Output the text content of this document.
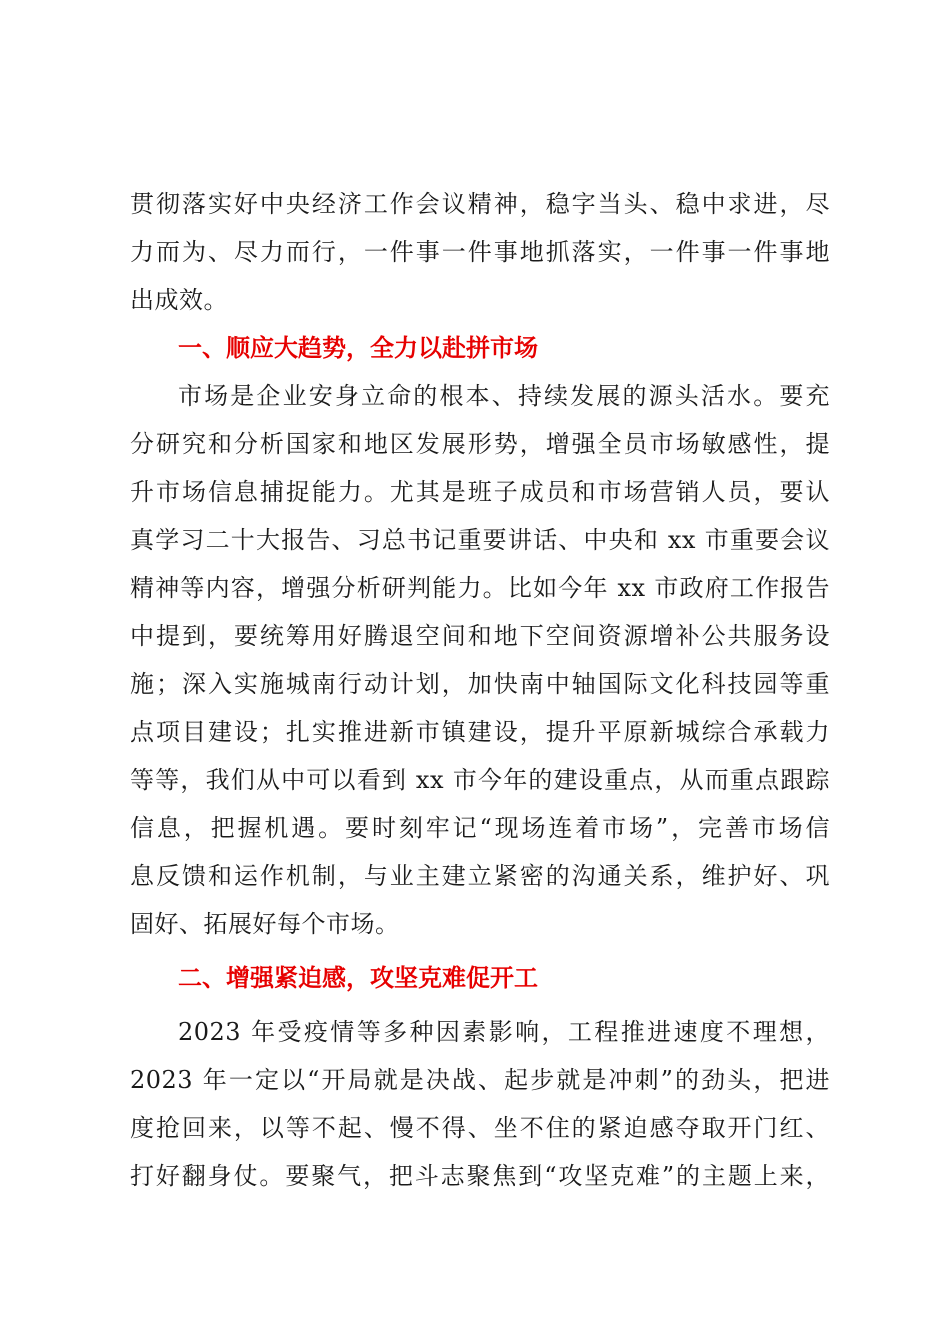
贯彻落实好中央经济工作会议精神，稳字当头、稳中求进，尽
力而为、尽力而行，一件事一件事地抓落实，一件事一件事地
出成效。
一、顺应大趋势，全力以赴拼市场
市场是企业安身立命的根本、持续发展的源头活水。要充
分研究和分析国家和地区发展形势，增强全员市场敏感性，提
升市场信息捕捉能力。尤其是班子成员和市场营销人员，要认
真学习二十大报告、习总书记重要讲话、中央和 xx 市重要会议
精神等内容，增强分析研判能力。比如今年 xx 市政府工作报告
中提到，要统筹用好腾退空间和地下空间资源增补公共服务设
施；深入实施城南行动计划，加快南中轴国际文化科技园等重
点项目建设；扎实推进新市镇建设，提升平原新城综合承载力
等等，我们从中可以看到 xx 市今年的建设重点，从而重点跟踪
信息，把握机遇。要时刻牢记“现场连着市场”，完善市场信
息反馈和运作机制，与业主建立紧密的沟通关系，维护好、巩
固好、拓展好每个市场。
二、增强紧迫感，攻坚克难促开工
2023 年受疫情等多种因素影响，工程推进速度不理想，
2023 年一定以“开局就是决战、起步就是冲刺”的劲头，把进
度抢回来，以等不起、慢不得、坐不住的紧迫感夺取开门红、
打好翻身仗。要聚气，把斗志聚焦到“攻坚克难”的主题上来，
